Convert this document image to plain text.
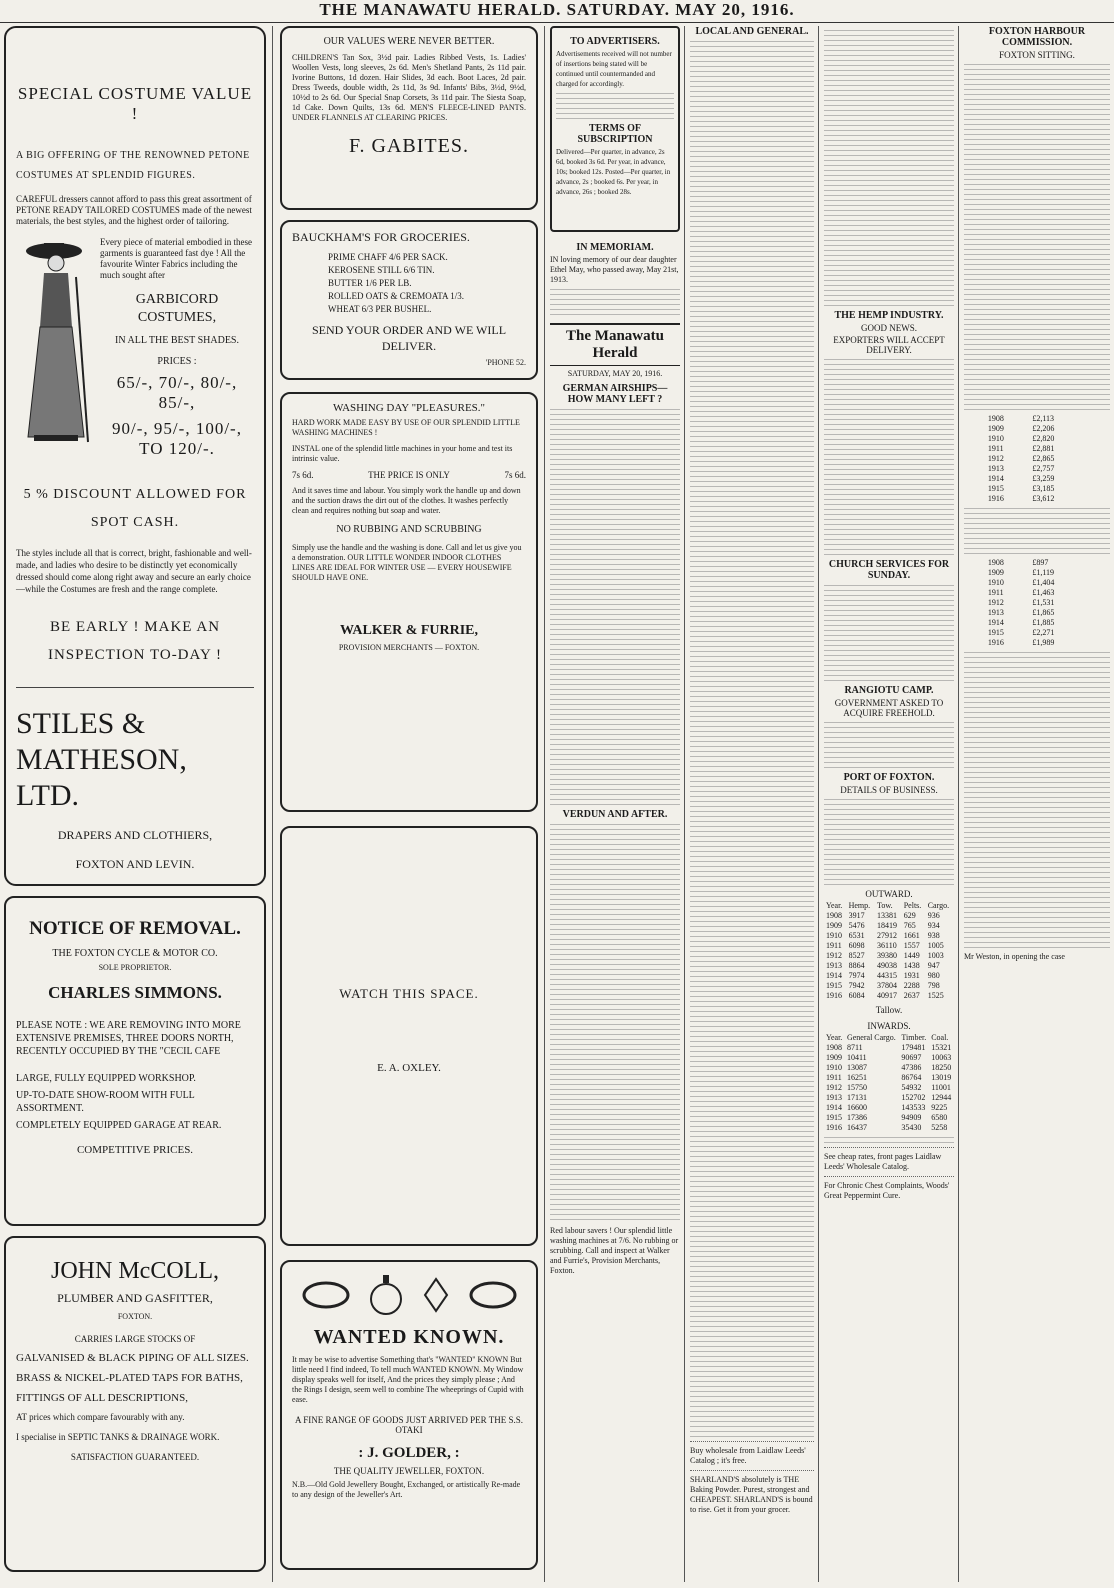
THE MANAWATU HERALD. SATURDAY. MAY 20, 1916.
SPECIAL COSTUME VALUE !
A BIG OFFERING OF THE RENOWNED PETONE COSTUMES AT SPLENDID FIGURES.
CAREFUL dressers cannot afford to pass this great assortment of PETONE READY TAILORED COSTUMES made of the newest materials, the best styles, and the highest order of tailoring.
Every piece of material embodied in these garments is guaranteed fast dye ! All the favourite Winter Fabrics including the much sought after
GARBICORD COSTUMES,
IN ALL THE BEST SHADES.
PRICES :
65/-, 70/-, 80/-, 85/-,
90/-, 95/-, 100/-, TO 120/-.
5 % DISCOUNT ALLOWED FOR SPOT CASH.
The styles include all that is correct, bright, fashionable and well-made, and ladies who desire to be distinctly yet economically dressed should come along right away and secure an early choice—while the Costumes are fresh and the range complete.
BE EARLY ! MAKE AN INSPECTION TO-DAY !
STILES & MATHESON, LTD.
DRAPERS AND CLOTHIERS,
FOXTON AND LEVIN.
NOTICE OF REMOVAL.
THE FOXTON CYCLE & MOTOR CO.
SOLE PROPRIETOR.
CHARLES SIMMONS.
PLEASE NOTE : WE ARE REMOVING INTO MORE EXTENSIVE PREMISES, THREE DOORS NORTH, RECENTLY OCCUPIED BY THE "CECIL CAFE
LARGE, FULLY EQUIPPED WORKSHOP.
UP-TO-DATE SHOW-ROOM WITH FULL ASSORTMENT.
COMPLETELY EQUIPPED GARAGE AT REAR.
COMPETITIVE PRICES.
JOHN McCOLL,
PLUMBER AND GASFITTER,
FOXTON.
CARRIES LARGE STOCKS OF
GALVANISED & BLACK PIPING OF ALL SIZES.
BRASS & NICKEL-PLATED TAPS FOR BATHS,
FITTINGS OF ALL DESCRIPTIONS,
AT prices which compare favourably with any.
I specialise in SEPTIC TANKS & DRAINAGE WORK.
SATISFACTION GUARANTEED.
OUR VALUES WERE NEVER BETTER.
CHILDREN'S Tan Sox, 3½d pair. Ladies Ribbed Vests, 1s. Ladies' Woollen Vests, long sleeves, 2s 6d. Men's Shetland Pants, 2s 11d pair. Ivorine Buttons, 1d dozen. Hair Slides, 3d each. Boot Laces, 2d pair. Dress Tweeds, double width, 2s 11d, 3s 9d. Infants' Bibs, 3½d, 9½d, 10½d to 2s 6d. Our Special Snap Corsets, 3s 11d pair. The Siesta Soap, 1d Cake. Down Quilts, 13s 6d. MEN'S FLEECE-LINED PANTS. UNDER FLANNELS AT CLEARING PRICES.
F. GABITES.
BAUCKHAM'S FOR GROCERIES.
PRIME CHAFF 4/6 PER SACK.
KEROSENE STILL 6/6 TIN.
BUTTER 1/6 PER LB.
ROLLED OATS & CREMOATA 1/3.
WHEAT 6/3 PER BUSHEL.
SEND YOUR ORDER AND WE WILL DELIVER.
'PHONE 52.
WASHING DAY "PLEASURES."
HARD WORK MADE EASY BY USE OF OUR SPLENDID LITTLE WASHING MACHINES !
INSTAL one of the splendid little machines in your home and test its intrinsic value.
7s 6d.	THE PRICE IS ONLY	7s 6d.
And it saves time and labour. You simply work the handle up and down and the suction draws the dirt out of the clothes. It washes perfectly clean and requires nothing but soap and water.
NO RUBBING AND SCRUBBING
Simply use the handle and the washing is done. Call and let us give you a demonstration. OUR LITTLE WONDER INDOOR CLOTHES LINES ARE IDEAL FOR WINTER USE — EVERY HOUSEWIFE SHOULD HAVE ONE.
WALKER & FURRIE,
PROVISION MERCHANTS — FOXTON.
WATCH THIS SPACE.
E. A. OXLEY.
WANTED KNOWN.
It may be wise to advertise Something that's "WANTED" KNOWN But little need I find indeed, To tell much WANTED KNOWN. My Window display speaks well for itself, And the prices they simply please ; And the Rings I design, seem well to combine The wheeprings of Cupid with ease.
A FINE RANGE OF GOODS JUST ARRIVED PER THE S.S. OTAKI
: J. GOLDER, :
THE QUALITY JEWELLER, FOXTON.
N.B.—Old Gold Jewellery Bought, Exchanged, or artistically Re-made to any design of the Jeweller's Art.
TO ADVERTISERS.
Advertisements received will not number of insertions being stated will be continued until countermanded and charged for accordingly.
TERMS OF SUBSCRIPTION
Delivered—Per quarter, in advance, 2s 6d, booked 3s 6d. Per year, in advance, 10s; booked 12s. Posted—Per quarter, in advance, 2s ; booked 6s. Per year, in advance, 26s ; booked 28s.
IN MEMORIAM.
IN loving memory of our dear daughter Ethel May, who passed away, May 21st, 1913.
The Manawatu Herald
SATURDAY, MAY 20, 1916.
GERMAN AIRSHIPS—HOW MANY LEFT ?
VERDUN AND AFTER.
Red labour savers ! Our splendid little washing machines at 7/6. No rubbing or scrubbing. Call and inspect at Walker and Furrie's, Provision Merchants, Foxton.
LOCAL AND GENERAL.
Buy wholesale from Laidlaw Leeds' Catalog ; it's free.
SHARLAND'S absolutely is THE Baking Powder. Purest, strongest and CHEAPEST. SHARLAND'S is bound to rise. Get it from your grocer.
THE HEMP INDUSTRY.
GOOD NEWS.
EXPORTERS WILL ACCEPT DELIVERY.
CHURCH SERVICES FOR SUNDAY.
RANGIOTU CAMP.
GOVERNMENT ASKED TO ACQUIRE FREEHOLD.
PORT OF FOXTON.
DETAILS OF BUSINESS.
OUTWARD.
Year.	Hemp.	Tow.	Pelts.	Cargo.
1908	3917	13381	629	936
1909	5476	18419	765	934
1910	6531	27912	1661	938
1911	6098	36110	1557	1005
1912	8527	39380	1449	1003
1913	8864	49038	1438	947
1914	7974	44315	1931	980
1915	7942	37804	2288	798
1916	6084	40917	2637	1525
Tallow.
INWARDS.
Year.	General Cargo.	Timber.	Coal.
1908	8711	179481	15321
1909	10411	90697	10063
1910	13087	47386	18250
1911	16251	86764	13019
1912	15750	54932	11001
1913	17131	152702	12944
1914	16600	143533	9225
1915	17386	94909	6580
1916	16437	35430	5258
See cheap rates, front pages Laidlaw Leeds' Wholesale Catalog.
For Chronic Chest Complaints, Woods' Great Peppermint Cure.
FOXTON HARBOUR COMMISSION.
FOXTON SITTING.
1908	£2,113
1909	£2,206
1910	£2,820
1911	£2,881
1912	£2,865
1913	£2,757
1914	£3,259
1915	£3,185
1916	£3,612
1908	£897
1909	£1,119
1910	£1,404
1911	£1,463
1912	£1,531
1913	£1,865
1914	£1,885
1915	£2,271
1916	£1,989
Mr Weston, in opening the case
